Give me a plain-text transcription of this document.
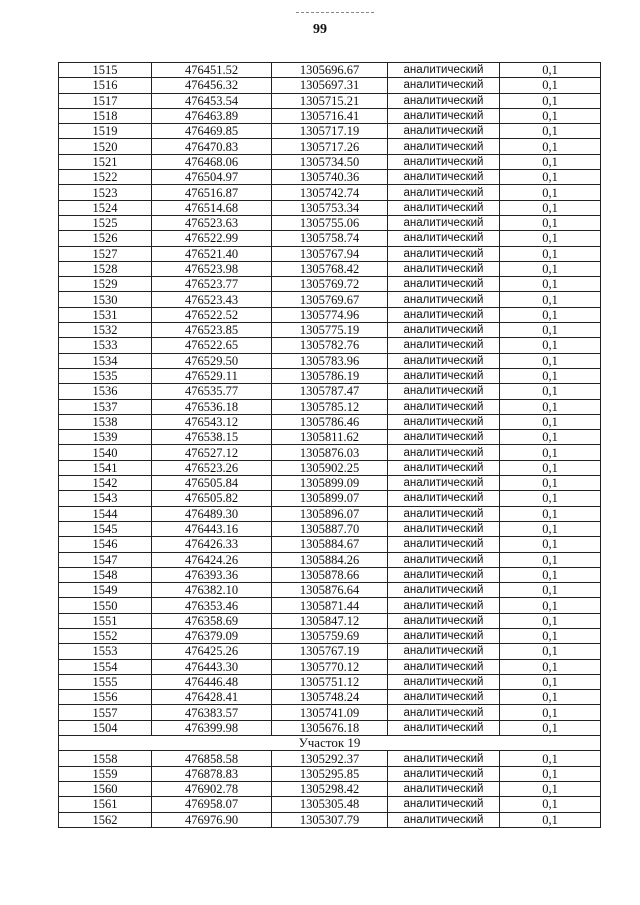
99
1515	476451.52	1305696.67	аналитический	0,1
1516	476456.32	1305697.31	аналитический	0,1
1517	476453.54	1305715.21	аналитический	0,1
1518	476463.89	1305716.41	аналитический	0,1
1519	476469.85	1305717.19	аналитический	0,1
1520	476470.83	1305717.26	аналитический	0,1
1521	476468.06	1305734.50	аналитический	0,1
1522	476504.97	1305740.36	аналитический	0,1
1523	476516.87	1305742.74	аналитический	0,1
1524	476514.68	1305753.34	аналитический	0,1
1525	476523.63	1305755.06	аналитический	0,1
1526	476522.99	1305758.74	аналитический	0,1
1527	476521.40	1305767.94	аналитический	0,1
1528	476523.98	1305768.42	аналитический	0,1
1529	476523.77	1305769.72	аналитический	0,1
1530	476523.43	1305769.67	аналитический	0,1
1531	476522.52	1305774.96	аналитический	0,1
1532	476523.85	1305775.19	аналитический	0,1
1533	476522.65	1305782.76	аналитический	0,1
1534	476529.50	1305783.96	аналитический	0,1
1535	476529.11	1305786.19	аналитический	0,1
1536	476535.77	1305787.47	аналитический	0,1
1537	476536.18	1305785.12	аналитический	0,1
1538	476543.12	1305786.46	аналитический	0,1
1539	476538.15	1305811.62	аналитический	0,1
1540	476527.12	1305876.03	аналитический	0,1
1541	476523.26	1305902.25	аналитический	0,1
1542	476505.84	1305899.09	аналитический	0,1
1543	476505.82	1305899.07	аналитический	0,1
1544	476489.30	1305896.07	аналитический	0,1
1545	476443.16	1305887.70	аналитический	0,1
1546	476426.33	1305884.67	аналитический	0,1
1547	476424.26	1305884.26	аналитический	0,1
1548	476393.36	1305878.66	аналитический	0,1
1549	476382.10	1305876.64	аналитический	0,1
1550	476353.46	1305871.44	аналитический	0,1
1551	476358.69	1305847.12	аналитический	0,1
1552	476379.09	1305759.69	аналитический	0,1
1553	476425.26	1305767.19	аналитический	0,1
1554	476443.30	1305770.12	аналитический	0,1
1555	476446.48	1305751.12	аналитический	0,1
1556	476428.41	1305748.24	аналитический	0,1
1557	476383.57	1305741.09	аналитический	0,1
1504	476399.98	1305676.18	аналитический	0,1
Участок 19				
1558	476858.58	1305292.37	аналитический	0,1
1559	476878.83	1305295.85	аналитический	0,1
1560	476902.78	1305298.42	аналитический	0,1
1561	476958.07	1305305.48	аналитический	0,1
1562	476976.90	1305307.79	аналитический	0,1
